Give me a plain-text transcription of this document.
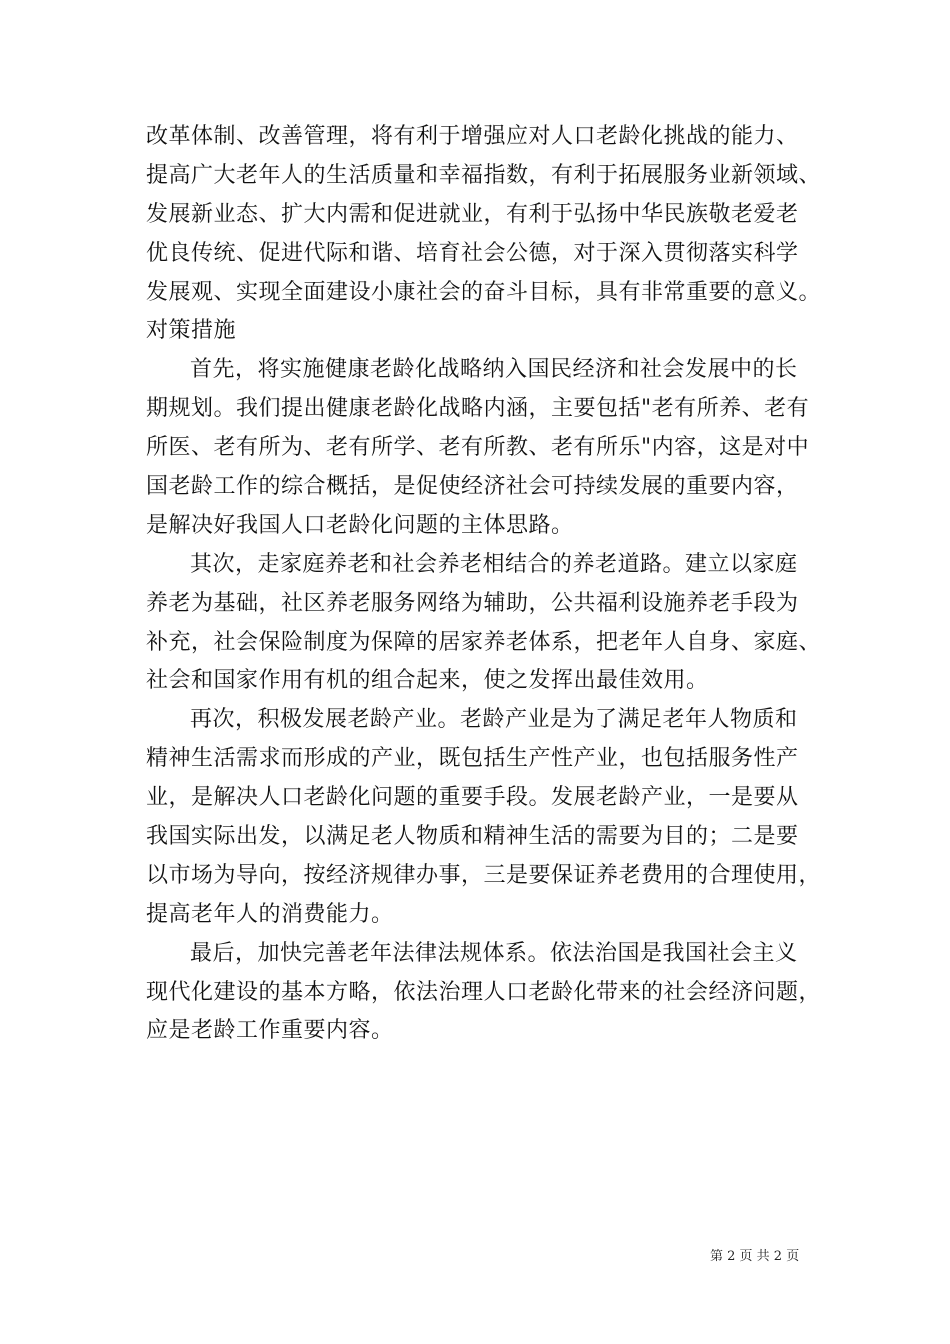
改革体制、改善管理，将有利于增强应对人口老龄化挑战的能力、
提高广大老年人的生活质量和幸福指数，有利于拓展服务业新领域、
发展新业态、扩大内需和促进就业，有利于弘扬中华民族敬老爱老
优良传统、促进代际和谐、培育社会公德，对于深入贯彻落实科学
发展观、实现全面建设小康社会的奋斗目标，具有非常重要的意义。
对策措施
首先，将实施健康老龄化战略纳入国民经济和社会发展中的长
期规划。我们提出健康老龄化战略内涵，主要包括"老有所养、老有
所医、老有所为、老有所学、老有所教、老有所乐"内容，这是对中
国老龄工作的综合概括，是促使经济社会可持续发展的重要内容，
是解决好我国人口老龄化问题的主体思路。
其次，走家庭养老和社会养老相结合的养老道路。建立以家庭
养老为基础，社区养老服务网络为辅助，公共福利设施养老手段为
补充，社会保险制度为保障的居家养老体系，把老年人自身、家庭、
社会和国家作用有机的组合起来，使之发挥出最佳效用。
再次，积极发展老龄产业。老龄产业是为了满足老年人物质和
精神生活需求而形成的产业，既包括生产性产业，也包括服务性产
业，是解决人口老龄化问题的重要手段。发展老龄产业，一是要从
我国实际出发，以满足老人物质和精神生活的需要为目的；二是要
以市场为导向，按经济规律办事，三是要保证养老费用的合理使用，
提高老年人的消费能力。
最后，加快完善老年法律法规体系。依法治国是我国社会主义
现代化建设的基本方略，依法治理人口老龄化带来的社会经济问题，
应是老龄工作重要内容。
第 2 页 共 2 页
